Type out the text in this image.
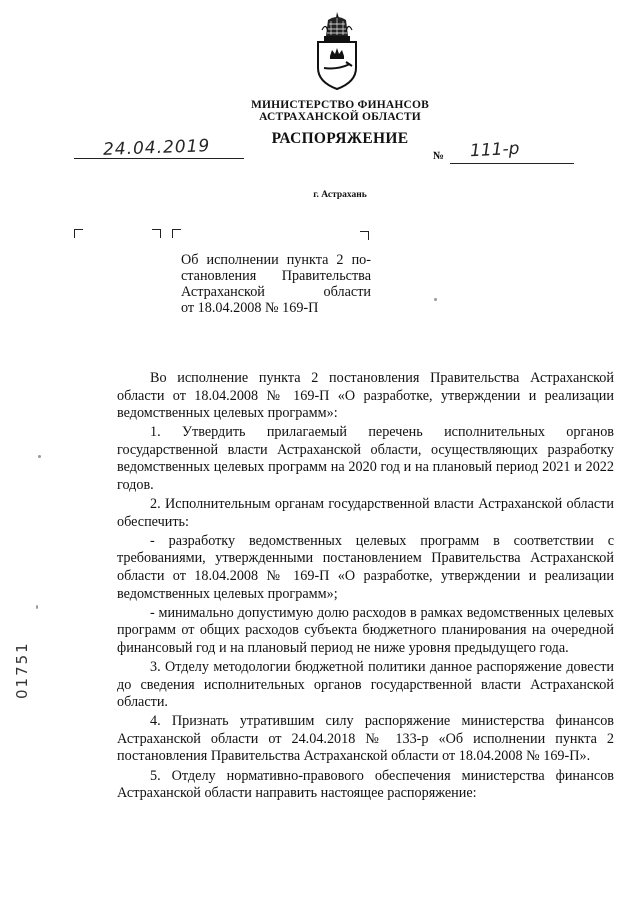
МИНИСТЕРСТВО ФИНАНСОВ
АСТРАХАНСКОЙ ОБЛАСТИ
РАСПОРЯЖЕНИЕ
24.04.2019	№ 111-р
г. Астрахань
Об исполнении пункта 2 по-
становления Правительства
Астраханской области
от 18.04.2008 № 169-П

Во исполнение пункта 2 постановления Правительства Астраханской области от 18.04.2008 № 169-П «О разработке, утверждении и реализации ведомственных целевых программ»:

1. Утвердить прилагаемый перечень исполнительных органов государственной власти Астраханской области, осуществляющих разработку ведомственных целевых программ на 2020 год и на плановый период 2021 и 2022 годов.

2. Исполнительным органам государственной власти Астраханской области обеспечить:

- разработку ведомственных целевых программ в соответствии с требованиями, утвержденными постановлением Правительства Астраханской области от 18.04.2008 № 169-П «О разработке, утверждении и реализации ведомственных целевых программ»;

- минимально допустимую долю расходов в рамках ведомственных целевых программ от общих расходов субъекта бюджетного планирования на очередной финансовый год и на плановый период не ниже уровня предыдущего года.

3. Отделу методологии бюджетной политики данное распоряжение довести до сведения исполнительных органов государственной власти Астраханской области.

4. Признать утратившим силу распоряжение министерства финансов Астраханской области от 24.04.2018 № 133-р «Об исполнении пункта 2 постановления Правительства Астраханской области от 18.04.2008 № 169-П».

5. Отделу нормативно-правового обеспечения министерства финансов Астраханской области направить настоящее распоряжение:

01751
